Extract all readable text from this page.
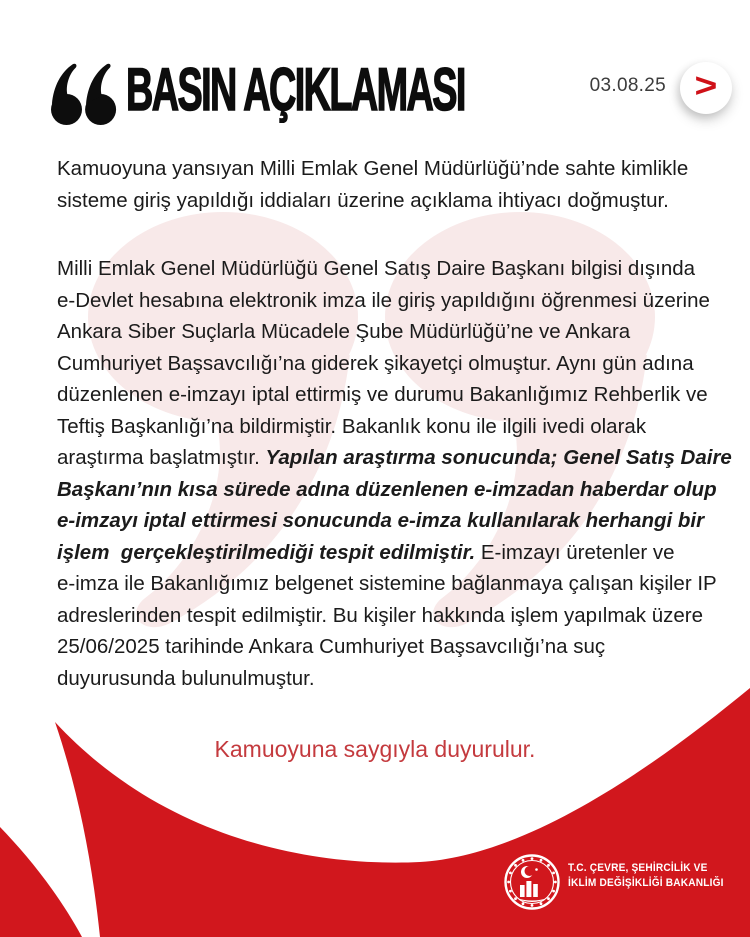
BASIN AÇIKLAMASI	03.08.25 >
Kamuoyuna yansıyan Milli Emlak Genel Müdürlüğü’nde sahte kimlikle
sisteme giriş yapıldığı iddiaları üzerine açıklama ihtiyacı doğmuştur.
Milli Emlak Genel Müdürlüğü Genel Satış Daire Başkanı bilgisi dışında
e-Devlet hesabına elektronik imza ile giriş yapıldığını öğrenmesi üzerine
Ankara Siber Suçlarla Mücadele Şube Müdürlüğü’ne ve Ankara
Cumhuriyet Başsavcılığı’na giderek şikayetçi olmuştur. Aynı gün adına
düzenlenen e-imzayı iptal ettirmiş ve durumu Bakanlığımız Rehberlik ve
Teftiş Başkanlığı’na bildirmiştir. Bakanlık konu ile ilgili ivedi olarak
araştırma başlatmıştır. Yapılan araştırma sonucunda; Genel Satış Daire
Başkanı’nın kısa sürede adına düzenlenen e-imzadan haberdar olup
e-imzayı iptal ettirmesi sonucunda e-imza kullanılarak herhangi bir
işlem  gerçekleştirilmediği tespit edilmiştir. E-imzayı üretenler ve
e-imza ile Bakanlığımız belgenet sistemine bağlanmaya çalışan kişiler IP
adreslerinden tespit edilmiştir. Bu kişiler hakkında işlem yapılmak üzere
25/06/2025 tarihinde Ankara Cumhuriyet Başsavcılığı’na suç
duyurusunda bulunulmuştur.
Kamuoyuna saygıyla duyurulur.
T.C. ÇEVRE, ŞEHİRCİLİK VE
İKLİM DEĞİŞİKLİĞİ BAKANLIĞI
